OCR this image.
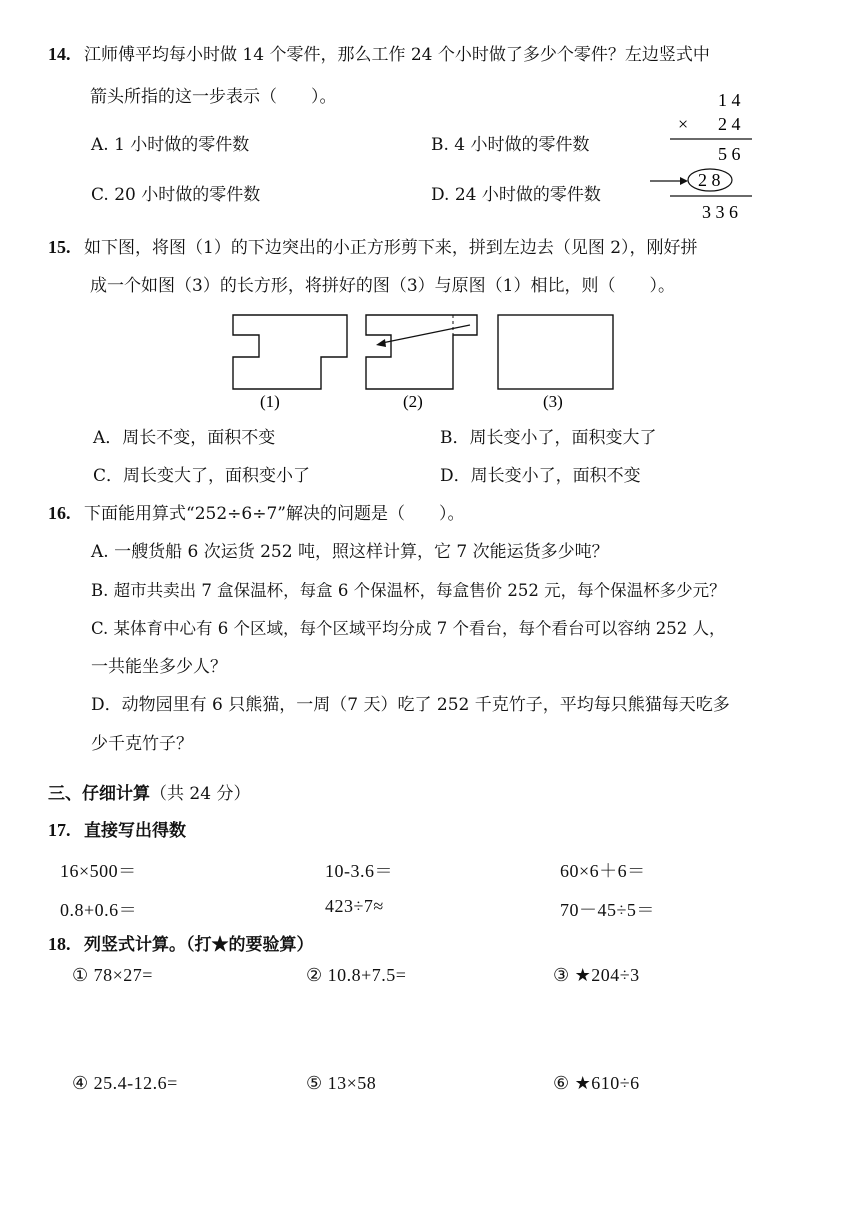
14. 江师傅平均每小时做 14 个零件，那么工作 24 个小时做了多少个零件？左边竖式中
箭头所指的这一步表示（　　）。
A. 1 小时做的零件数	B. 4 小时做的零件数
C. 20 小时做的零件数	D. 24 小时做的零件数
1 4
× 2 4
5 6
2 8
3 3 6
15. 如下图，将图（1）的下边突出的小正方形剪下来，拼到左边去（见图 2），刚好拼
成一个如图（3）的长方形，将拼好的图（3）与原图（1）相比，则（　　）。
(1)	(2)	(3)
A．周长不变，面积不变	B．周长变小了，面积变大了
C．周长变大了，面积变小了	D．周长变小了，面积不变
16. 下面能用算式“252÷6÷7”解决的问题是（　　）。
A. 一艘货船 6 次运货 252 吨，照这样计算，它 7 次能运货多少吨？
B. 超市共卖出 7 盒保温杯，每盒 6 个保温杯，每盒售价 252 元，每个保温杯多少元？
C. 某体育中心有 6 个区域，每个区域平均分成 7 个看台，每个看台可以容纳 252 人，
一共能坐多少人？
D．动物园里有 6 只熊猫，一周（7 天）吃了 252 千克竹子，平均每只熊猫每天吃多
少千克竹子？
三、仔细计算（共 24 分）
17. 直接写出得数
16×500＝	10-3.6＝	60×6＋6＝
0.8+0.6＝	423÷7≈	70－45÷5＝
18. 列竖式计算。（打★的要验算）
① 78×27=	② 10.8+7.5=	③ ★204÷3
④ 25.4-12.6=	⑤ 13×58	⑥ ★610÷6
